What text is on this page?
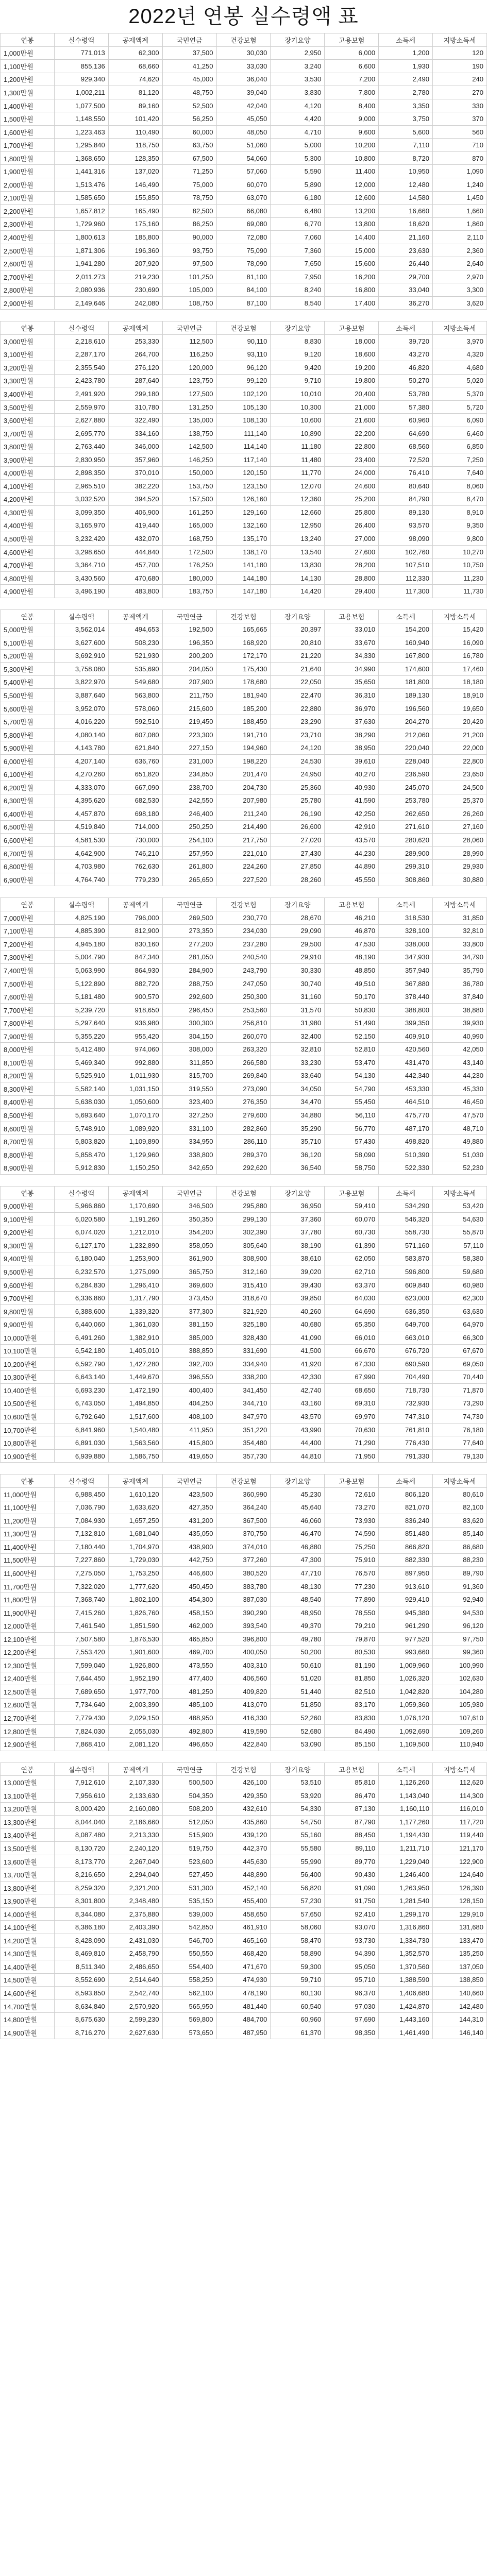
2022년 연봉 실수령액 표
연봉	실수령액	공제액계	국민연금	건강보험	장기요양	고용보험	소득세	지방소득세
1,000만원	771,013	62,300	37,500	30,030	2,950	6,000	1,200	120
1,100만원	855,136	68,660	41,250	33,030	3,240	6,600	1,930	190
1,200만원	929,340	74,620	45,000	36,040	3,530	7,200	2,490	240
1,300만원	1,002,211	81,120	48,750	39,040	3,830	7,800	2,780	270
1,400만원	1,077,500	89,160	52,500	42,040	4,120	8,400	3,350	330
1,500만원	1,148,550	101,420	56,250	45,050	4,420	9,000	3,750	370
1,600만원	1,223,463	110,490	60,000	48,050	4,710	9,600	5,600	560
1,700만원	1,295,840	118,750	63,750	51,060	5,000	10,200	7,110	710
1,800만원	1,368,650	128,350	67,500	54,060	5,300	10,800	8,720	870
1,900만원	1,441,316	137,020	71,250	57,060	5,590	11,400	10,950	1,090
2,000만원	1,513,476	146,490	75,000	60,070	5,890	12,000	12,480	1,240
2,100만원	1,585,650	155,850	78,750	63,070	6,180	12,600	14,580	1,450
2,200만원	1,657,812	165,490	82,500	66,080	6,480	13,200	16,660	1,660
2,300만원	1,729,960	175,160	86,250	69,080	6,770	13,800	18,620	1,860
2,400만원	1,800,613	185,800	90,000	72,080	7,060	14,400	21,160	2,110
2,500만원	1,871,306	196,360	93,750	75,090	7,360	15,000	23,630	2,360
2,600만원	1,941,280	207,920	97,500	78,090	7,650	15,600	26,440	2,640
2,700만원	2,011,273	219,230	101,250	81,100	7,950	16,200	29,700	2,970
2,800만원	2,080,936	230,690	105,000	84,100	8,240	16,800	33,040	3,300
2,900만원	2,149,646	242,080	108,750	87,100	8,540	17,400	36,270	3,620
연봉	실수령액	공제액계	국민연금	건강보험	장기요양	고용보험	소득세	지방소득세
3,000만원	2,218,610	253,330	112,500	90,110	8,830	18,000	39,720	3,970
3,100만원	2,287,170	264,700	116,250	93,110	9,120	18,600	43,270	4,320
3,200만원	2,355,540	276,120	120,000	96,120	9,420	19,200	46,820	4,680
3,300만원	2,423,780	287,640	123,750	99,120	9,710	19,800	50,270	5,020
3,400만원	2,491,920	299,180	127,500	102,120	10,010	20,400	53,780	5,370
3,500만원	2,559,970	310,780	131,250	105,130	10,300	21,000	57,380	5,720
3,600만원	2,627,880	322,490	135,000	108,130	10,600	21,600	60,960	6,090
3,700만원	2,695,770	334,160	138,750	111,140	10,890	22,200	64,690	6,460
3,800만원	2,763,440	346,000	142,500	114,140	11,180	22,800	68,560	6,850
3,900만원	2,830,950	357,960	146,250	117,140	11,480	23,400	72,520	7,250
4,000만원	2,898,350	370,010	150,000	120,150	11,770	24,000	76,410	7,640
4,100만원	2,965,510	382,220	153,750	123,150	12,070	24,600	80,640	8,060
4,200만원	3,032,520	394,520	157,500	126,160	12,360	25,200	84,790	8,470
4,300만원	3,099,350	406,900	161,250	129,160	12,660	25,800	89,130	8,910
4,400만원	3,165,970	419,440	165,000	132,160	12,950	26,400	93,570	9,350
4,500만원	3,232,420	432,070	168,750	135,170	13,240	27,000	98,090	9,800
4,600만원	3,298,650	444,840	172,500	138,170	13,540	27,600	102,760	10,270
4,700만원	3,364,710	457,700	176,250	141,180	13,830	28,200	107,510	10,750
4,800만원	3,430,560	470,680	180,000	144,180	14,130	28,800	112,330	11,230
4,900만원	3,496,190	483,800	183,750	147,180	14,420	29,400	117,300	11,730
연봉	실수령액	공제액계	국민연금	건강보험	장기요양	고용보험	소득세	지방소득세
5,000만원	3,562,014	494,653	192,500	165,665	20,397	33,010	154,200	15,420
5,100만원	3,627,600	508,230	196,350	168,920	20,810	33,670	160,940	16,090
5,200만원	3,692,910	521,930	200,200	172,170	21,220	34,330	167,800	16,780
5,300만원	3,758,080	535,690	204,050	175,430	21,640	34,990	174,600	17,460
5,400만원	3,822,970	549,680	207,900	178,680	22,050	35,650	181,800	18,180
5,500만원	3,887,640	563,800	211,750	181,940	22,470	36,310	189,130	18,910
5,600만원	3,952,070	578,060	215,600	185,200	22,880	36,970	196,560	19,650
5,700만원	4,016,220	592,510	219,450	188,450	23,290	37,630	204,270	20,420
5,800만원	4,080,140	607,080	223,300	191,710	23,710	38,290	212,060	21,200
5,900만원	4,143,780	621,840	227,150	194,960	24,120	38,950	220,040	22,000
6,000만원	4,207,140	636,760	231,000	198,220	24,530	39,610	228,040	22,800
6,100만원	4,270,260	651,820	234,850	201,470	24,950	40,270	236,590	23,650
6,200만원	4,333,070	667,090	238,700	204,730	25,360	40,930	245,070	24,500
6,300만원	4,395,620	682,530	242,550	207,980	25,780	41,590	253,780	25,370
6,400만원	4,457,870	698,180	246,400	211,240	26,190	42,250	262,650	26,260
6,500만원	4,519,840	714,000	250,250	214,490	26,600	42,910	271,610	27,160
6,600만원	4,581,530	730,000	254,100	217,750	27,020	43,570	280,620	28,060
6,700만원	4,642,900	746,210	257,950	221,010	27,430	44,230	289,900	28,990
6,800만원	4,703,980	762,630	261,800	224,260	27,850	44,890	299,310	29,930
6,900만원	4,764,740	779,230	265,650	227,520	28,260	45,550	308,860	30,880
연봉	실수령액	공제액계	국민연금	건강보험	장기요양	고용보험	소득세	지방소득세
7,000만원	4,825,190	796,000	269,500	230,770	28,670	46,210	318,530	31,850
7,100만원	4,885,390	812,900	273,350	234,030	29,090	46,870	328,100	32,810
7,200만원	4,945,180	830,160	277,200	237,280	29,500	47,530	338,000	33,800
7,300만원	5,004,790	847,340	281,050	240,540	29,910	48,190	347,930	34,790
7,400만원	5,063,990	864,930	284,900	243,790	30,330	48,850	357,940	35,790
7,500만원	5,122,890	882,720	288,750	247,050	30,740	49,510	367,880	36,780
7,600만원	5,181,480	900,570	292,600	250,300	31,160	50,170	378,440	37,840
7,700만원	5,239,720	918,650	296,450	253,560	31,570	50,830	388,800	38,880
7,800만원	5,297,640	936,980	300,300	256,810	31,980	51,490	399,350	39,930
7,900만원	5,355,220	955,420	304,150	260,070	32,400	52,150	409,910	40,990
8,000만원	5,412,480	974,060	308,000	263,320	32,810	52,810	420,560	42,050
8,100만원	5,469,340	992,880	311,850	266,580	33,230	53,470	431,470	43,140
8,200만원	5,525,910	1,011,930	315,700	269,840	33,640	54,130	442,340	44,230
8,300만원	5,582,140	1,031,150	319,550	273,090	34,050	54,790	453,330	45,330
8,400만원	5,638,030	1,050,600	323,400	276,350	34,470	55,450	464,510	46,450
8,500만원	5,693,640	1,070,170	327,250	279,600	34,880	56,110	475,770	47,570
8,600만원	5,748,910	1,089,920	331,100	282,860	35,290	56,770	487,170	48,710
8,700만원	5,803,820	1,109,890	334,950	286,110	35,710	57,430	498,820	49,880
8,800만원	5,858,470	1,129,960	338,800	289,370	36,120	58,090	510,390	51,030
8,900만원	5,912,830	1,150,250	342,650	292,620	36,540	58,750	522,330	52,230
연봉	실수령액	공제액계	국민연금	건강보험	장기요양	고용보험	소득세	지방소득세
9,000만원	5,966,860	1,170,690	346,500	295,880	36,950	59,410	534,290	53,420
9,100만원	6,020,580	1,191,260	350,350	299,130	37,360	60,070	546,320	54,630
9,200만원	6,074,020	1,212,010	354,200	302,390	37,780	60,730	558,730	55,870
9,300만원	6,127,170	1,232,890	358,050	305,640	38,190	61,390	571,160	57,110
9,400만원	6,180,040	1,253,900	361,900	308,900	38,610	62,050	583,870	58,380
9,500만원	6,232,570	1,275,090	365,750	312,160	39,020	62,710	596,800	59,680
9,600만원	6,284,830	1,296,410	369,600	315,410	39,430	63,370	609,840	60,980
9,700만원	6,336,860	1,317,790	373,450	318,670	39,850	64,030	623,000	62,300
9,800만원	6,388,600	1,339,320	377,300	321,920	40,260	64,690	636,350	63,630
9,900만원	6,440,060	1,361,030	381,150	325,180	40,680	65,350	649,700	64,970
10,000만원	6,491,260	1,382,910	385,000	328,430	41,090	66,010	663,010	66,300
10,100만원	6,542,180	1,405,010	388,850	331,690	41,500	66,670	676,720	67,670
10,200만원	6,592,790	1,427,280	392,700	334,940	41,920	67,330	690,590	69,050
10,300만원	6,643,140	1,449,670	396,550	338,200	42,330	67,990	704,490	70,440
10,400만원	6,693,230	1,472,190	400,400	341,450	42,740	68,650	718,730	71,870
10,500만원	6,743,050	1,494,850	404,250	344,710	43,160	69,310	732,930	73,290
10,600만원	6,792,640	1,517,600	408,100	347,970	43,570	69,970	747,310	74,730
10,700만원	6,841,960	1,540,480	411,950	351,220	43,990	70,630	761,810	76,180
10,800만원	6,891,030	1,563,560	415,800	354,480	44,400	71,290	776,430	77,640
10,900만원	6,939,880	1,586,750	419,650	357,730	44,810	71,950	791,330	79,130
연봉	실수령액	공제액계	국민연금	건강보험	장기요양	고용보험	소득세	지방소득세
11,000만원	6,988,450	1,610,120	423,500	360,990	45,230	72,610	806,120	80,610
11,100만원	7,036,790	1,633,620	427,350	364,240	45,640	73,270	821,070	82,100
11,200만원	7,084,930	1,657,250	431,200	367,500	46,060	73,930	836,240	83,620
11,300만원	7,132,810	1,681,040	435,050	370,750	46,470	74,590	851,480	85,140
11,400만원	7,180,440	1,704,970	438,900	374,010	46,880	75,250	866,820	86,680
11,500만원	7,227,860	1,729,030	442,750	377,260	47,300	75,910	882,330	88,230
11,600만원	7,275,050	1,753,250	446,600	380,520	47,710	76,570	897,950	89,790
11,700만원	7,322,020	1,777,620	450,450	383,780	48,130	77,230	913,610	91,360
11,800만원	7,368,740	1,802,100	454,300	387,030	48,540	77,890	929,410	92,940
11,900만원	7,415,260	1,826,760	458,150	390,290	48,950	78,550	945,380	94,530
12,000만원	7,461,540	1,851,590	462,000	393,540	49,370	79,210	961,290	96,120
12,100만원	7,507,580	1,876,530	465,850	396,800	49,780	79,870	977,520	97,750
12,200만원	7,553,420	1,901,600	469,700	400,050	50,200	80,530	993,660	99,360
12,300만원	7,599,040	1,926,800	473,550	403,310	50,610	81,190	1,009,960	100,990
12,400만원	7,644,450	1,952,190	477,400	406,560	51,020	81,850	1,026,320	102,630
12,500만원	7,689,650	1,977,700	481,250	409,820	51,440	82,510	1,042,820	104,280
12,600만원	7,734,640	2,003,390	485,100	413,070	51,850	83,170	1,059,360	105,930
12,700만원	7,779,430	2,029,150	488,950	416,330	52,260	83,830	1,076,120	107,610
12,800만원	7,824,030	2,055,030	492,800	419,590	52,680	84,490	1,092,690	109,260
12,900만원	7,868,410	2,081,120	496,650	422,840	53,090	85,150	1,109,500	110,940
연봉	실수령액	공제액계	국민연금	건강보험	장기요양	고용보험	소득세	지방소득세
13,000만원	7,912,610	2,107,330	500,500	426,100	53,510	85,810	1,126,260	112,620
13,100만원	7,956,610	2,133,630	504,350	429,350	53,920	86,470	1,143,040	114,300
13,200만원	8,000,420	2,160,080	508,200	432,610	54,330	87,130	1,160,110	116,010
13,300만원	8,044,040	2,186,660	512,050	435,860	54,750	87,790	1,177,260	117,720
13,400만원	8,087,480	2,213,330	515,900	439,120	55,160	88,450	1,194,430	119,440
13,500만원	8,130,720	2,240,120	519,750	442,370	55,580	89,110	1,211,710	121,170
13,600만원	8,173,770	2,267,040	523,600	445,630	55,990	89,770	1,229,040	122,900
13,700만원	8,216,650	2,294,040	527,450	448,890	56,400	90,430	1,246,400	124,640
13,800만원	8,259,320	2,321,200	531,300	452,140	56,820	91,090	1,263,950	126,390
13,900만원	8,301,800	2,348,480	535,150	455,400	57,230	91,750	1,281,540	128,150
14,000만원	8,344,080	2,375,880	539,000	458,650	57,650	92,410	1,299,170	129,910
14,100만원	8,386,180	2,403,390	542,850	461,910	58,060	93,070	1,316,860	131,680
14,200만원	8,428,090	2,431,030	546,700	465,160	58,470	93,730	1,334,730	133,470
14,300만원	8,469,810	2,458,790	550,550	468,420	58,890	94,390	1,352,570	135,250
14,400만원	8,511,340	2,486,650	554,400	471,670	59,300	95,050	1,370,560	137,050
14,500만원	8,552,690	2,514,640	558,250	474,930	59,710	95,710	1,388,590	138,850
14,600만원	8,593,850	2,542,740	562,100	478,190	60,130	96,370	1,406,680	140,660
14,700만원	8,634,840	2,570,920	565,950	481,440	60,540	97,030	1,424,870	142,480
14,800만원	8,675,630	2,599,230	569,800	484,700	60,960	97,690	1,443,160	144,310
14,900만원	8,716,270	2,627,630	573,650	487,950	61,370	98,350	1,461,490	146,140
